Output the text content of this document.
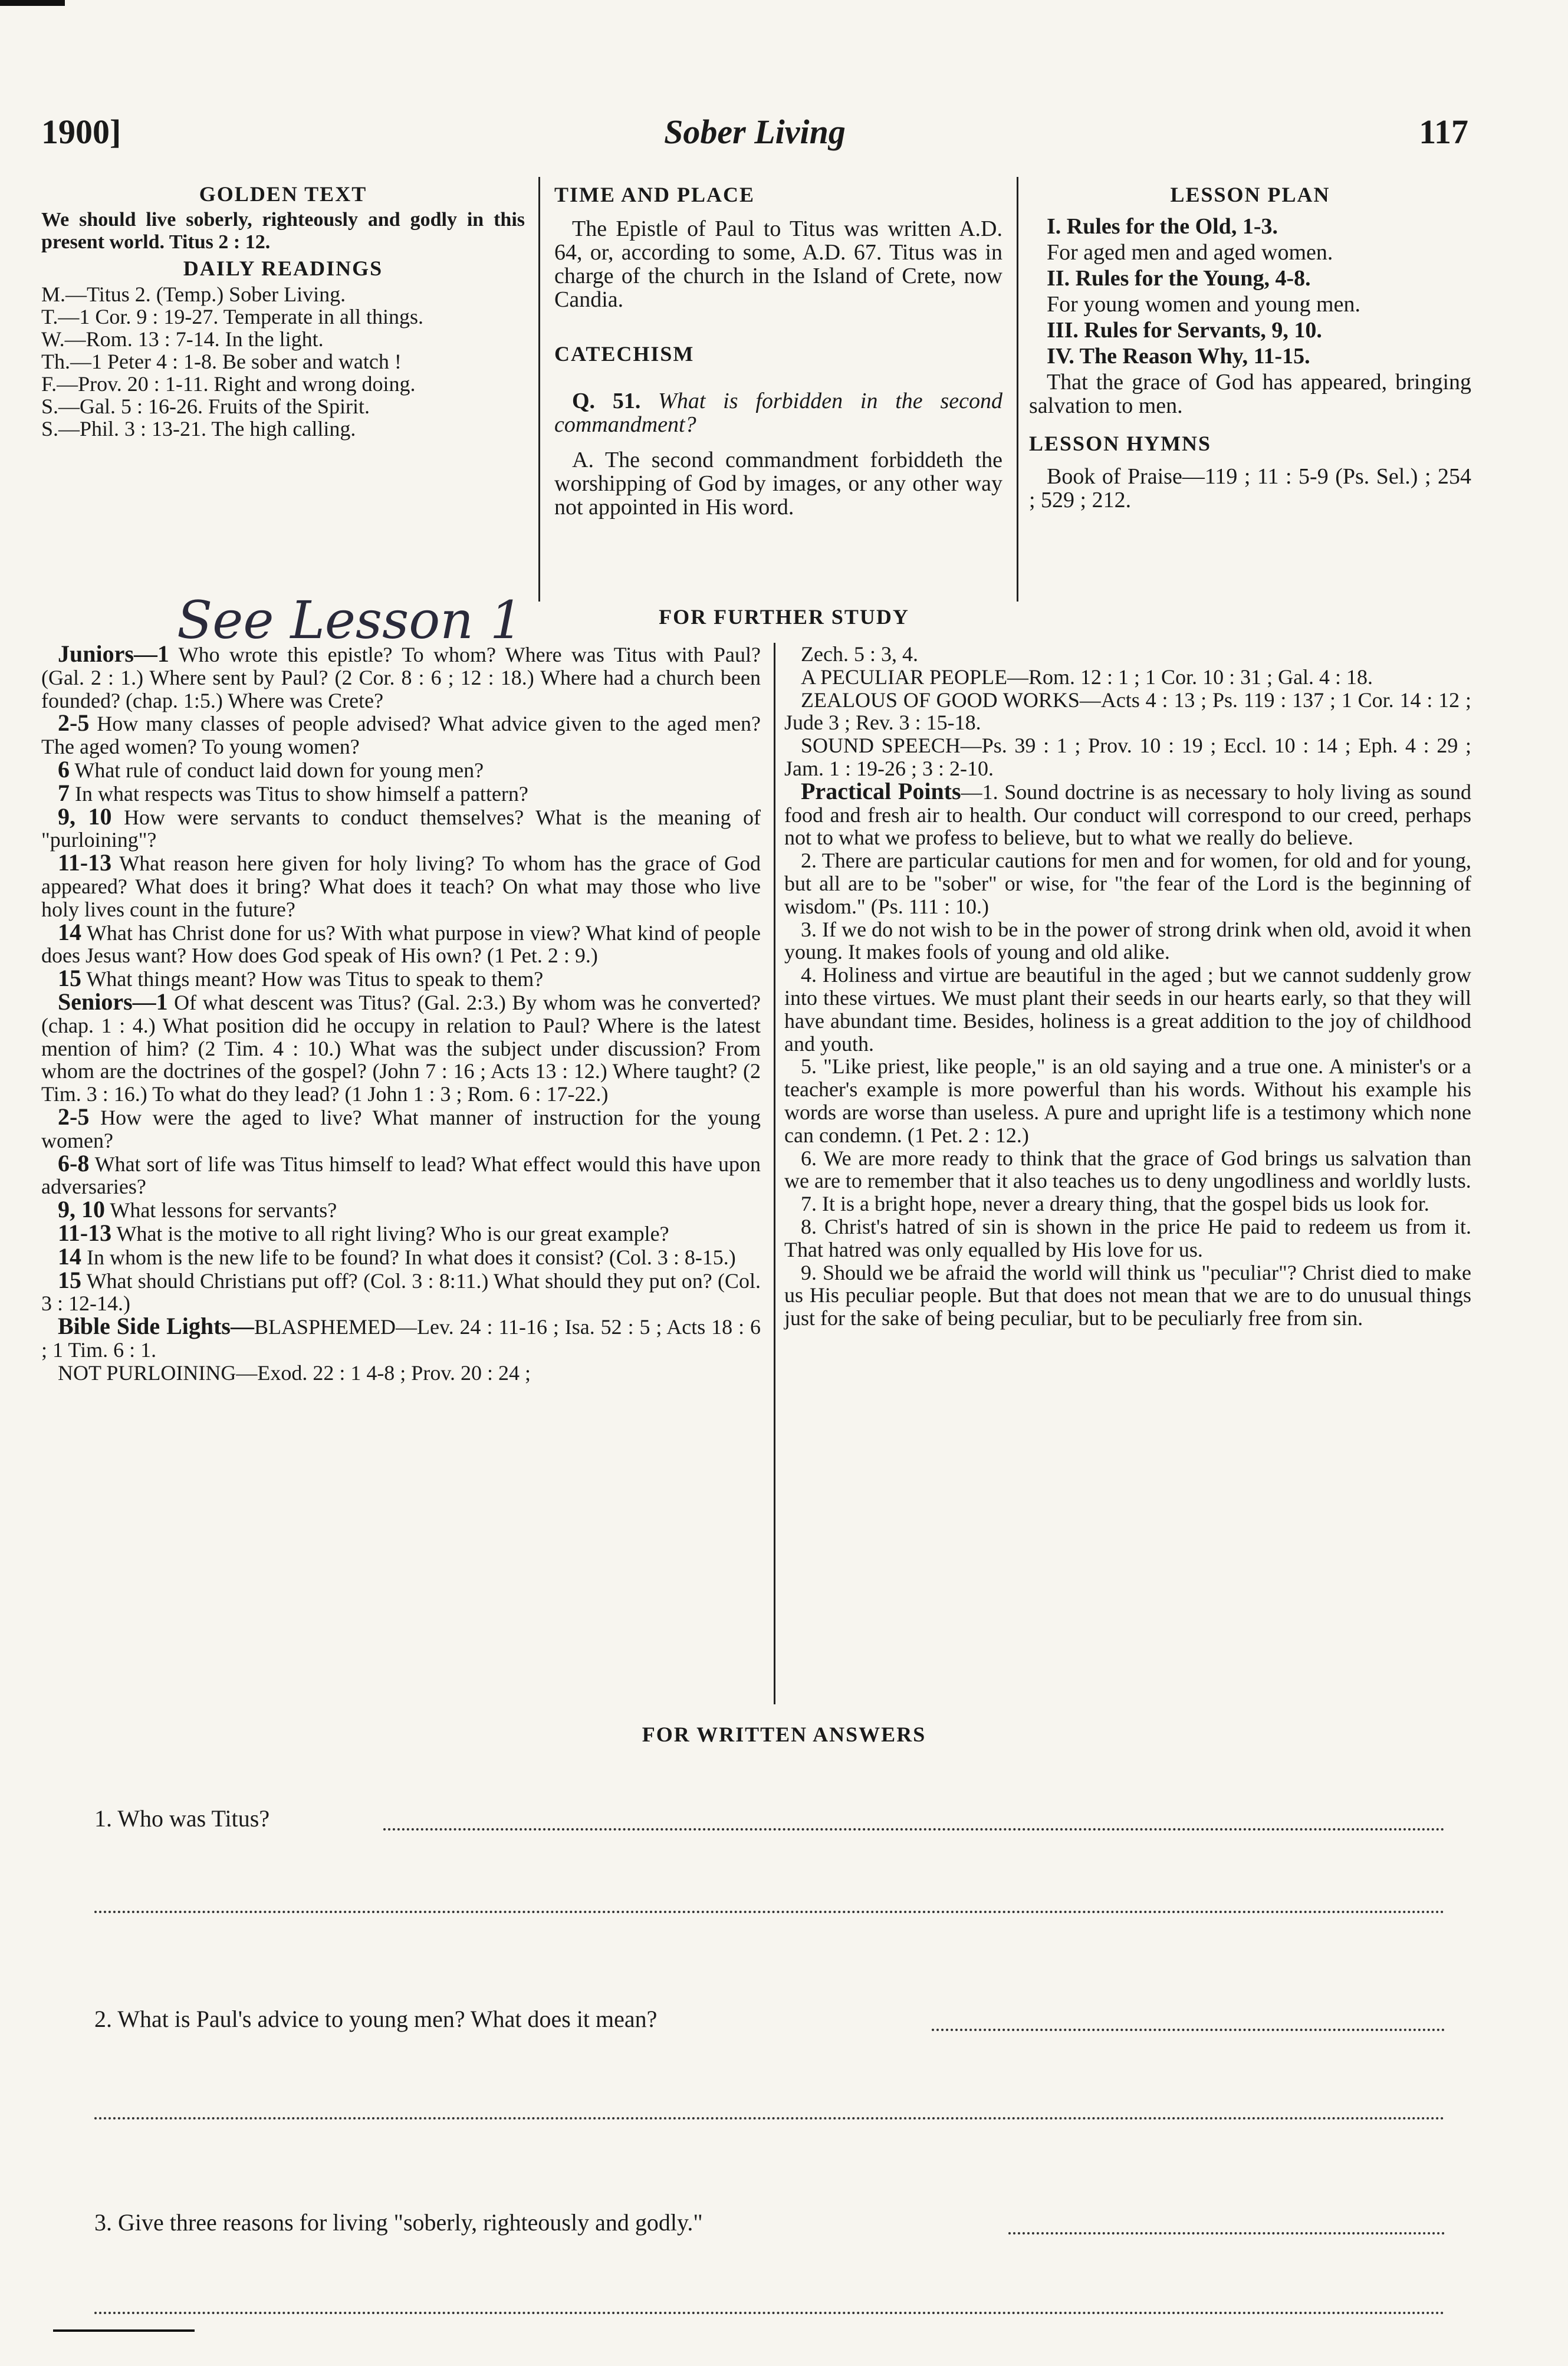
Sober Living
1900]	117
GOLDEN TEXT

We should live soberly, righteously and godly in this present world. Titus 2 : 12.

DAILY READINGS

M.—Titus 2. (Temp.) Sober Living.

T.—1 Cor. 9 : 19-27. Temperate in all things.

W.—Rom. 13 : 7-14. In the light.

Th.—1 Peter 4 : 1-8. Be sober and watch !

F.—Prov. 20 : 1-11. Right and wrong doing.

S.—Gal. 5 : 16-26. Fruits of the Spirit.

S.—Phil. 3 : 13-21. The high calling.

TIME AND PLACE

The Epistle of Paul to Titus was written A.D. 64, or, according to some, A.D. 67. Titus was in charge of the church in the Island of Crete, now Candia.

CATECHISM

Q. 51. What is forbidden in the second commandment?

A. The second commandment forbiddeth the worshipping of God by images, or any other way not appointed in His word.

LESSON PLAN

I. Rules for the Old, 1-3.

For aged men and aged women.

II. Rules for the Young, 4-8.

For young women and young men.

III. Rules for Servants, 9, 10.

IV. The Reason Why, 11-15.

That the grace of God has appeared, bringing salvation to men.

LESSON HYMNS

Book of Praise—119 ; 11 : 5-9 (Ps. Sel.) ; 254 ; 529 ; 212.

See Lesson 1	FOR FURTHER STUDY

Juniors—1 Who wrote this epistle? To whom? Where was Titus with Paul? (Gal. 2 : 1.) Where sent by Paul? (2 Cor. 8 : 6 ; 12 : 18.) Where had a church been founded? (chap. 1:5.) Where was Crete?

2-5 How many classes of people advised? What advice given to the aged men? The aged women? To young women?

6 What rule of conduct laid down for young men?

7 In what respects was Titus to show himself a pattern?

9, 10 How were servants to conduct themselves? What is the meaning of "purloining"?

11-13 What reason here given for holy living? To whom has the grace of God appeared? What does it bring? What does it teach? On what may those who live holy lives count in the future?

14 What has Christ done for us? With what purpose in view? What kind of people does Jesus want? How does God speak of His own? (1 Pet. 2 : 9.)

15 What things meant? How was Titus to speak to them?

Seniors—1 Of what descent was Titus? (Gal. 2:3.) By whom was he converted? (chap. 1 : 4.) What position did he occupy in relation to Paul? Where is the latest mention of him? (2 Tim. 4 : 10.) What was the subject under discussion? From whom are the doctrines of the gospel? (John 7 : 16 ; Acts 13 : 12.) Where taught? (2 Tim. 3 : 16.) To what do they lead? (1 John 1 : 3 ; Rom. 6 : 17-22.)

2-5 How were the aged to live? What manner of instruction for the young women?

6-8 What sort of life was Titus himself to lead? What effect would this have upon adversaries?

9, 10 What lessons for servants?

11-13 What is the motive to all right living? Who is our great example?

14 In whom is the new life to be found? In what does it consist? (Col. 3 : 8-15.)

15 What should Christians put off? (Col. 3 : 8:11.) What should they put on? (Col. 3 : 12-14.)

Bible Side Lights—BLASPHEMED—Lev. 24 : 11-16 ; Isa. 52 : 5 ; Acts 18 : 6 ; 1 Tim. 6 : 1.

NOT PURLOINING—Exod. 22 : 1 4-8 ; Prov. 20 : 24 ;

Zech. 5 : 3, 4.

A PECULIAR PEOPLE—Rom. 12 : 1 ; 1 Cor. 10 : 31 ; Gal. 4 : 18.

ZEALOUS OF GOOD WORKS—Acts 4 : 13 ; Ps. 119 : 137 ; 1 Cor. 14 : 12 ; Jude 3 ; Rev. 3 : 15-18.

SOUND SPEECH—Ps. 39 : 1 ; Prov. 10 : 19 ; Eccl. 10 : 14 ; Eph. 4 : 29 ; Jam. 1 : 19-26 ; 3 : 2-10.

Practical Points—1. Sound doctrine is as necessary to holy living as sound food and fresh air to health. Our conduct will correspond to our creed, perhaps not to what we profess to believe, but to what we really do believe.

2. There are particular cautions for men and for women, for old and for young, but all are to be "sober" or wise, for "the fear of the Lord is the beginning of wisdom." (Ps. 111 : 10.)

3. If we do not wish to be in the power of strong drink when old, avoid it when young. It makes fools of young and old alike.

4. Holiness and virtue are beautiful in the aged ; but we cannot suddenly grow into these virtues. We must plant their seeds in our hearts early, so that they will have abundant time. Besides, holiness is a great addition to the joy of childhood and youth.

5. "Like priest, like people," is an old saying and a true one. A minister's or a teacher's example is more powerful than his words. Without his example his words are worse than useless. A pure and upright life is a testimony which none can condemn. (1 Pet. 2 : 12.)

6. We are more ready to think that the grace of God brings us salvation than we are to remember that it also teaches us to deny ungodliness and worldly lusts.

7. It is a bright hope, never a dreary thing, that the gospel bids us look for.

8. Christ's hatred of sin is shown in the price He paid to redeem us from it. That hatred was only equalled by His love for us.

9. Should we be afraid the world will think us "peculiar"? Christ died to make us His peculiar people. But that does not mean that we are to do unusual things just for the sake of being peculiar, but to be peculiarly free from sin.

FOR WRITTEN ANSWERS
1. Who was Titus?
2. What is Paul's advice to young men? What does it mean?
3. Give three reasons for living "soberly, righteously and godly."
